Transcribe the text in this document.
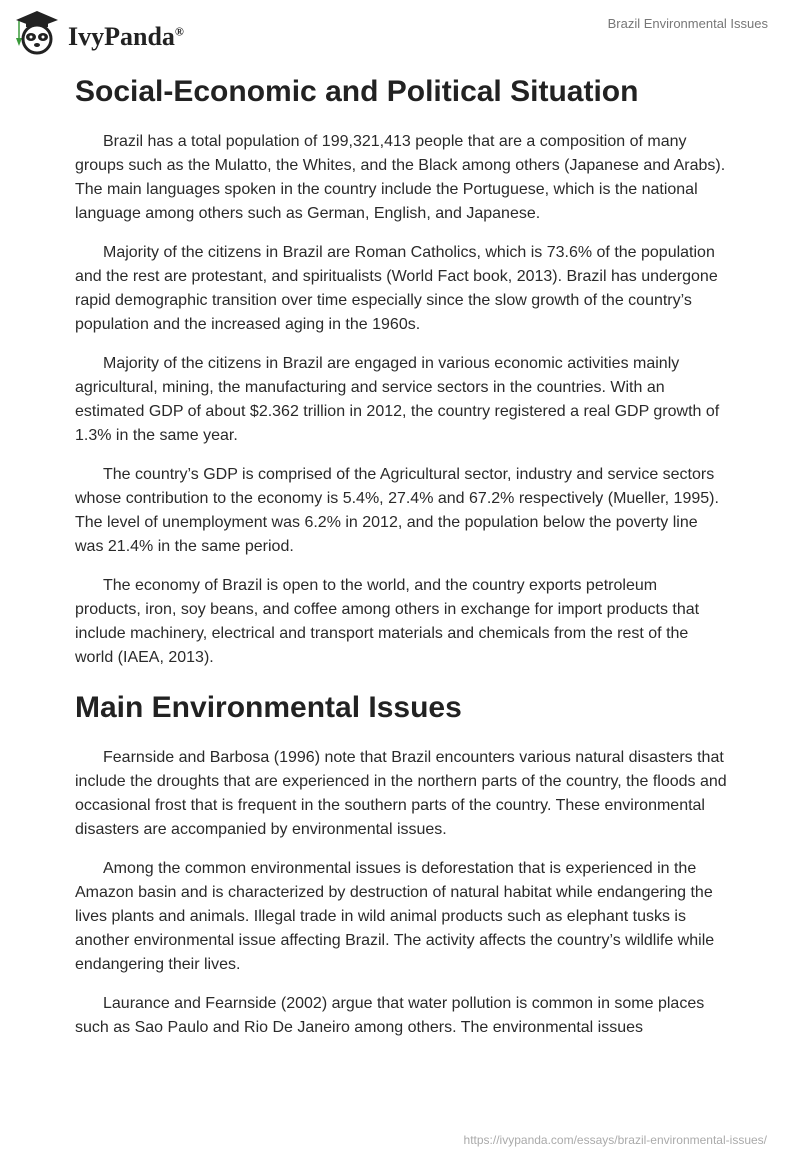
IvyPanda®
Brazil Environmental Issues
Social-Economic and Political Situation

Brazil has a total population of 199,321,413 people that are a composition of many groups such as the Mulatto, the Whites, and the Black among others (Japanese and Arabs). The main languages spoken in the country include the Portuguese, which is the national language among others such as German, English, and Japanese.

Majority of the citizens in Brazil are Roman Catholics, which is 73.6% of the population and the rest are protestant, and spiritualists (World Fact book, 2013). Brazil has undergone rapid demographic transition over time especially since the slow growth of the country’s population and the increased aging in the 1960s.

Majority of the citizens in Brazil are engaged in various economic activities mainly agricultural, mining, the manufacturing and service sectors in the countries. With an estimated GDP of about $2.362 trillion in 2012, the country registered a real GDP growth of 1.3% in the same year.

The country’s GDP is comprised of the Agricultural sector, industry and service sectors whose contribution to the economy is 5.4%, 27.4% and 67.2% respectively (Mueller, 1995). The level of unemployment was 6.2% in 2012, and the population below the poverty line was 21.4% in the same period.

The economy of Brazil is open to the world, and the country exports petroleum products, iron, soy beans, and coffee among others in exchange for import products that include machinery, electrical and transport materials and chemicals from the rest of the world (IAEA, 2013).

Main Environmental Issues

Fearnside and Barbosa (1996) note that Brazil encounters various natural disasters that include the droughts that are experienced in the northern parts of the country, the floods and occasional frost that is frequent in the southern parts of the country. These environmental disasters are accompanied by environmental issues.

Among the common environmental issues is deforestation that is experienced in the Amazon basin and is characterized by destruction of natural habitat while endangering the lives plants and animals. Illegal trade in wild animal products such as elephant tusks is another environmental issue affecting Brazil. The activity affects the country’s wildlife while endangering their lives.

Laurance and Fearnside (2002) argue that water pollution is common in some places such as Sao Paulo and Rio De Janeiro among others. The environmental issues

https://ivypanda.com/essays/brazil-environmental-issues/
